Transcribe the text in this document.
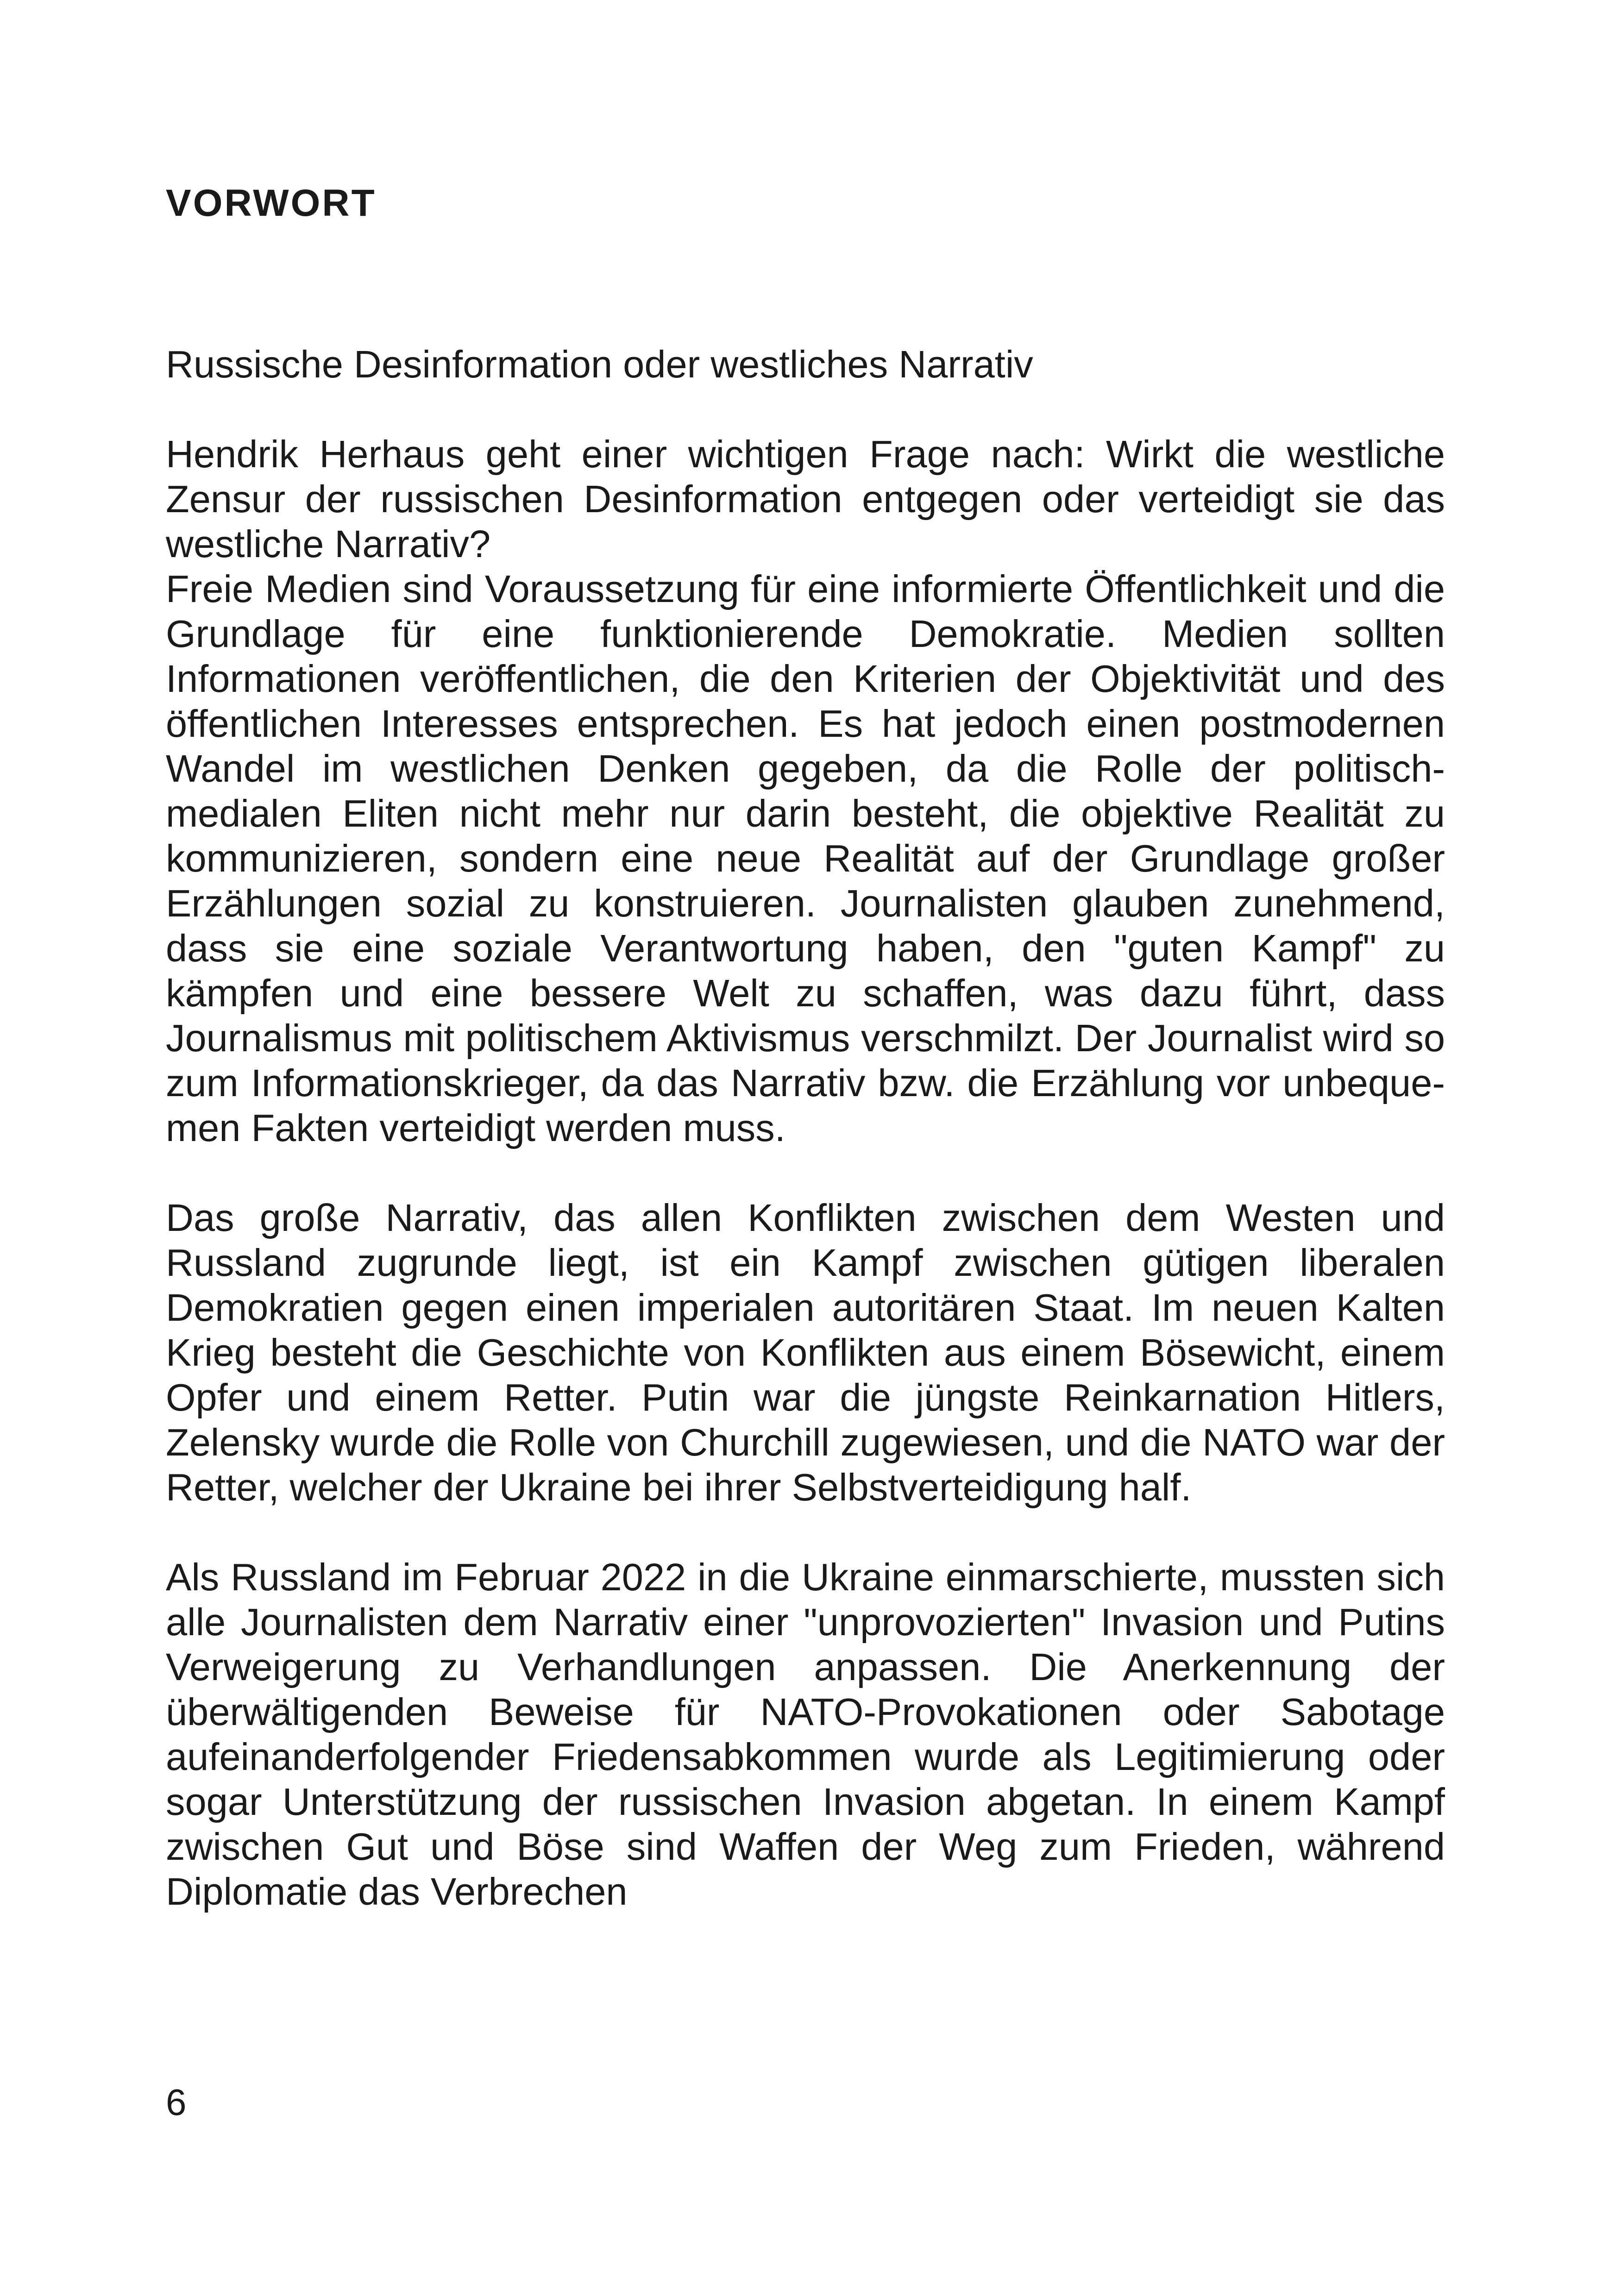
VORWORT

Russische Desinformation oder westliches Narrativ

Hendrik Herhaus geht einer wichtigen Frage nach: Wirkt die westliche Zensur der russischen Desinformation entgegen oder verteidigt sie das westliche Narrativ?

Freie Medien sind Voraussetzung für eine informierte Öffentlichkeit und die Grundlage für eine funktionierende Demokratie. Medien sollten Informationen veröffentlichen, die den Kriterien der Objektivität und des öffentlichen Interesses entsprechen. Es hat jedoch einen postmodernen Wandel im westlichen Denken gegeben, da die Rolle der politisch-medialen Eliten nicht mehr nur darin besteht, die objektive Realität zu kommunizieren, sondern eine neue Realität auf der Grundlage großer Erzählungen sozial zu konstruieren. Journalisten glauben zunehmend, dass sie eine soziale Verantwortung haben, den "guten Kampf" zu kämpfen und eine bessere Welt zu schaffen, was dazu führt, dass Journalismus mit politischem Aktivismus verschmilzt. Der Journalist wird so zum Informationskrieger, da das Narrativ bzw. die Erzählung vor unbequemen Fakten verteidigt werden muss.

Das große Narrativ, das allen Konflikten zwischen dem Westen und Russland zugrunde liegt, ist ein Kampf zwischen gütigen liberalen Demokratien gegen einen imperialen autoritären Staat. Im neuen Kalten Krieg besteht die Geschichte von Konflikten aus einem Bösewicht, einem Opfer und einem Retter. Putin war die jüngste Reinkarnation Hitlers, Zelensky wurde die Rolle von Churchill zugewiesen, und die NATO war der Retter, welcher der Ukraine bei ihrer Selbstverteidigung half.

Als Russland im Februar 2022 in die Ukraine einmarschierte, mussten sich alle Journalisten dem Narrativ einer "unprovozierten" Invasion und Putins Verweigerung zu Verhandlungen anpassen. Die Anerkennung der überwältigenden Beweise für NATO-Provokationen oder Sabotage aufeinanderfolgender Friedensabkommen wurde als Legitimierung oder sogar Unterstützung der russischen Invasion abgetan. In einem Kampf zwischen Gut und Böse sind Waffen der Weg zum Frieden, während Diplomatie das Verbrechen

6
